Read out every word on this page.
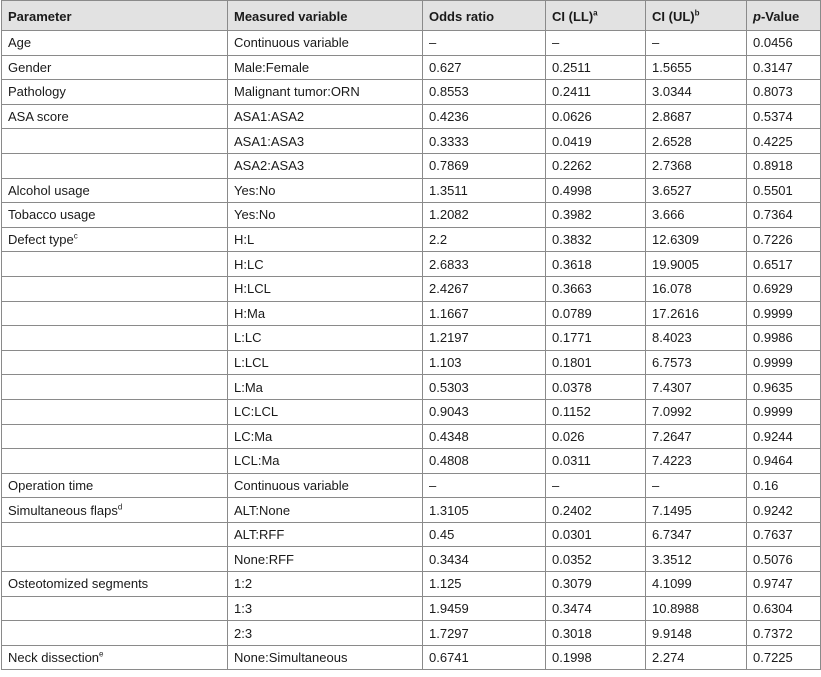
Parameter	Measured variable	Odds ratio	CI (LL)$^a$	CI (UL)$^b$	p-Value
Age	Continuous variable	–	–	–	0.0456
Gender	Male:Female	0.627	0.2511	1.5655	0.3147
Pathology	Malignant tumor:ORN	0.8553	0.2411	3.0344	0.8073
ASA score	ASA1:ASA2	0.4236	0.0626	2.8687	0.5374
	ASA1:ASA3	0.3333	0.0419	2.6528	0.4225
	ASA2:ASA3	0.7869	0.2262	2.7368	0.8918
Alcohol usage	Yes:No	1.3511	0.4998	3.6527	0.5501
Tobacco usage	Yes:No	1.2082	0.3982	3.666	0.7364
Defect type$^c$	H:L	2.2	0.3832	12.6309	0.7226
	H:LC	2.6833	0.3618	19.9005	0.6517
	H:LCL	2.4267	0.3663	16.078	0.6929
	H:Ma	1.1667	0.0789	17.2616	0.9999
	L:LC	1.2197	0.1771	8.4023	0.9986
	L:LCL	1.103	0.1801	6.7573	0.9999
	L:Ma	0.5303	0.0378	7.4307	0.9635
	LC:LCL	0.9043	0.1152	7.0992	0.9999
	LC:Ma	0.4348	0.026	7.2647	0.9244
	LCL:Ma	0.4808	0.0311	7.4223	0.9464
Operation time	Continuous variable	–	–	–	0.16
Simultaneous flaps$^d$	ALT:None	1.3105	0.2402	7.1495	0.9242
	ALT:RFF	0.45	0.0301	6.7347	0.7637
	None:RFF	0.3434	0.0352	3.3512	0.5076
Osteotomized segments	1:2	1.125	0.3079	4.1099	0.9747
	1:3	1.9459	0.3474	10.8988	0.6304
	2:3	1.7297	0.3018	9.9148	0.7372
Neck dissection$^e$	None:Simultaneous	0.6741	0.1998	2.274	0.7225
